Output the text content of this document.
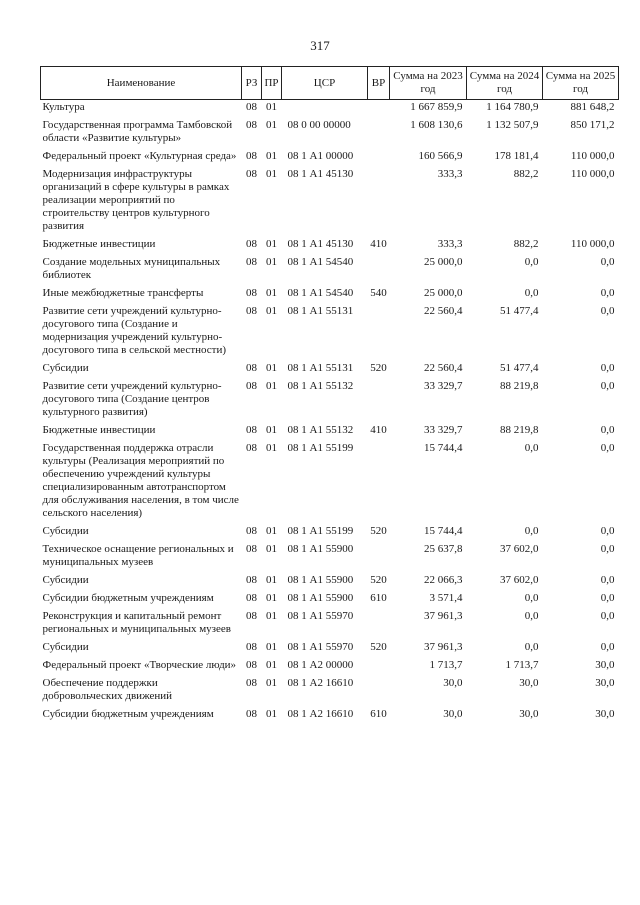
317
Наименование	РЗ	ПР	ЦСР	ВР	Сумма на 2023 год	Сумма на 2024 год	Сумма на 2025 год
Культура	08	01			1 667 859,9	1 164 780,9	881 648,2
Государственная программа Тамбовской области «Развитие культуры»	08	01	08 0 00 00000		1 608 130,6	1 132 507,9	850 171,2
Федеральный проект «Культурная среда»	08	01	08 1 А1 00000		160 566,9	178 181,4	110 000,0
Модернизация инфраструктуры организаций в сфере культуры в рамках реализации мероприятий по строительству центров культурного развития	08	01	08 1 А1 45130		333,3	882,2	110 000,0
Бюджетные инвестиции	08	01	08 1 А1 45130	410	333,3	882,2	110 000,0
Создание модельных муниципальных библиотек	08	01	08 1 А1 54540		25 000,0	0,0	0,0
Иные межбюджетные трансферты	08	01	08 1 А1 54540	540	25 000,0	0,0	0,0
Развитие сети учреждений культурно-досугового типа (Создание и модернизация учреждений культурно-досугового типа в сельской местности)	08	01	08 1 А1 55131		22 560,4	51 477,4	0,0
Субсидии	08	01	08 1 А1 55131	520	22 560,4	51 477,4	0,0
Развитие сети учреждений культурно-досугового типа (Создание центров культурного развития)	08	01	08 1 А1 55132		33 329,7	88 219,8	0,0
Бюджетные инвестиции	08	01	08 1 А1 55132	410	33 329,7	88 219,8	0,0
Государственная поддержка отрасли культуры (Реализация мероприятий по обеспечению учреждений культуры специализированным автотранспортом для обслуживания населения, в том числе сельского населения)	08	01	08 1 А1 55199		15 744,4	0,0	0,0
Субсидии	08	01	08 1 А1 55199	520	15 744,4	0,0	0,0
Техническое оснащение региональных и муниципальных музеев	08	01	08 1 А1 55900		25 637,8	37 602,0	0,0
Субсидии	08	01	08 1 А1 55900	520	22 066,3	37 602,0	0,0
Субсидии бюджетным учреждениям	08	01	08 1 А1 55900	610	3 571,4	0,0	0,0
Реконструкция и капитальный ремонт региональных и муниципальных музеев	08	01	08 1 А1 55970		37 961,3	0,0	0,0
Субсидии	08	01	08 1 А1 55970	520	37 961,3	0,0	0,0
Федеральный проект «Творческие люди»	08	01	08 1 А2 00000		1 713,7	1 713,7	30,0
Обеспечение поддержки добровольческих движений	08	01	08 1 А2 16610		30,0	30,0	30,0
Субсидии бюджетным учреждениям	08	01	08 1 А2 16610	610	30,0	30,0	30,0
